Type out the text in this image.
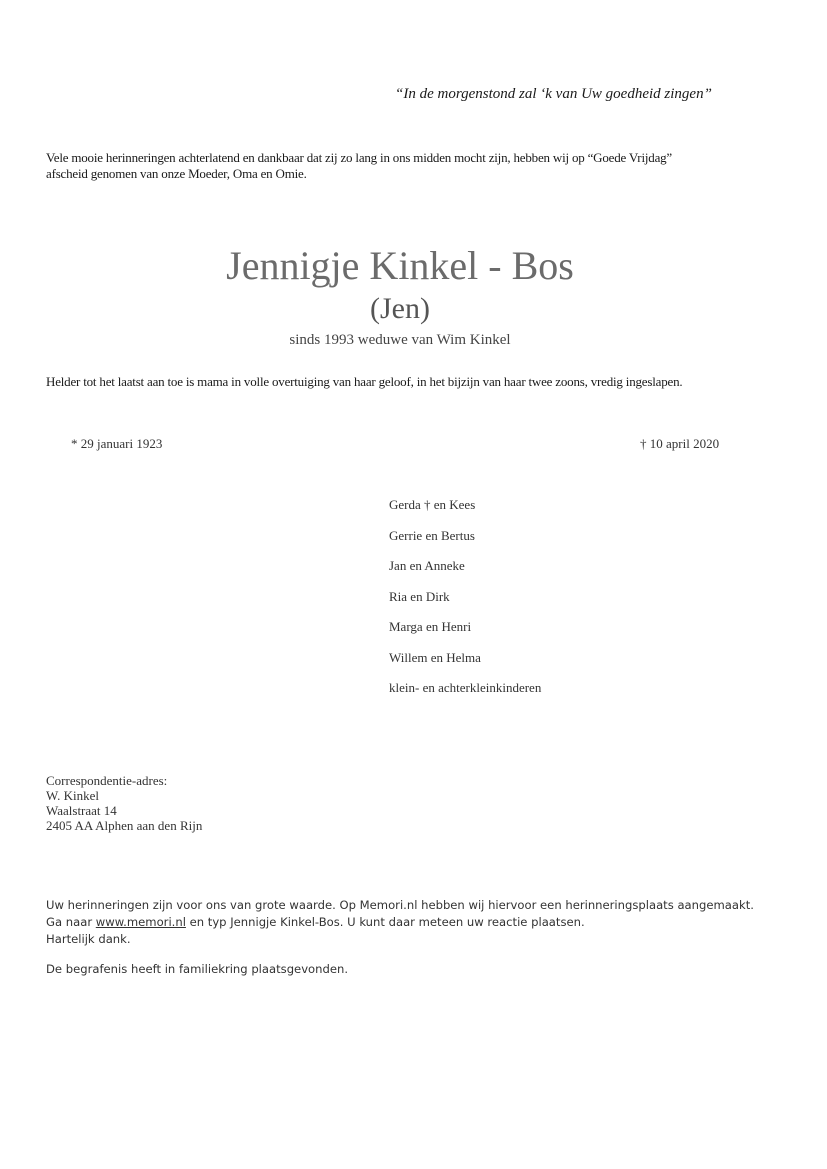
“In de morgenstond zal ‘k van Uw goedheid zingen”
Vele mooie herinneringen achterlatend en dankbaar dat zij zo lang in ons midden mocht zijn, hebben wij op “Goede Vrijdag”
afscheid genomen van onze Moeder, Oma en Omie.
Jennigje Kinkel - Bos
(Jen)
sinds 1993 weduwe van Wim Kinkel
Helder tot het laatst aan toe is mama in volle overtuiging van haar geloof, in het bijzijn van haar twee zoons, vredig ingeslapen.
* 29 januari 1923	† 10 april 2020
Gerda † en Kees
Gerrie en Bertus
Jan en Anneke
Ria en Dirk
Marga en Henri
Willem en Helma
klein- en achterkleinkinderen
Correspondentie-adres:
W. Kinkel
Waalstraat 14
2405 AA Alphen aan den Rijn
Uw herinneringen zijn voor ons van grote waarde. Op Memori.nl hebben wij hiervoor een herinneringsplaats aangemaakt.
Ga naar www.memori.nl en typ Jennigje Kinkel-Bos. U kunt daar meteen uw reactie plaatsen.
Hartelijk dank.
De begrafenis heeft in familiekring plaatsgevonden.
